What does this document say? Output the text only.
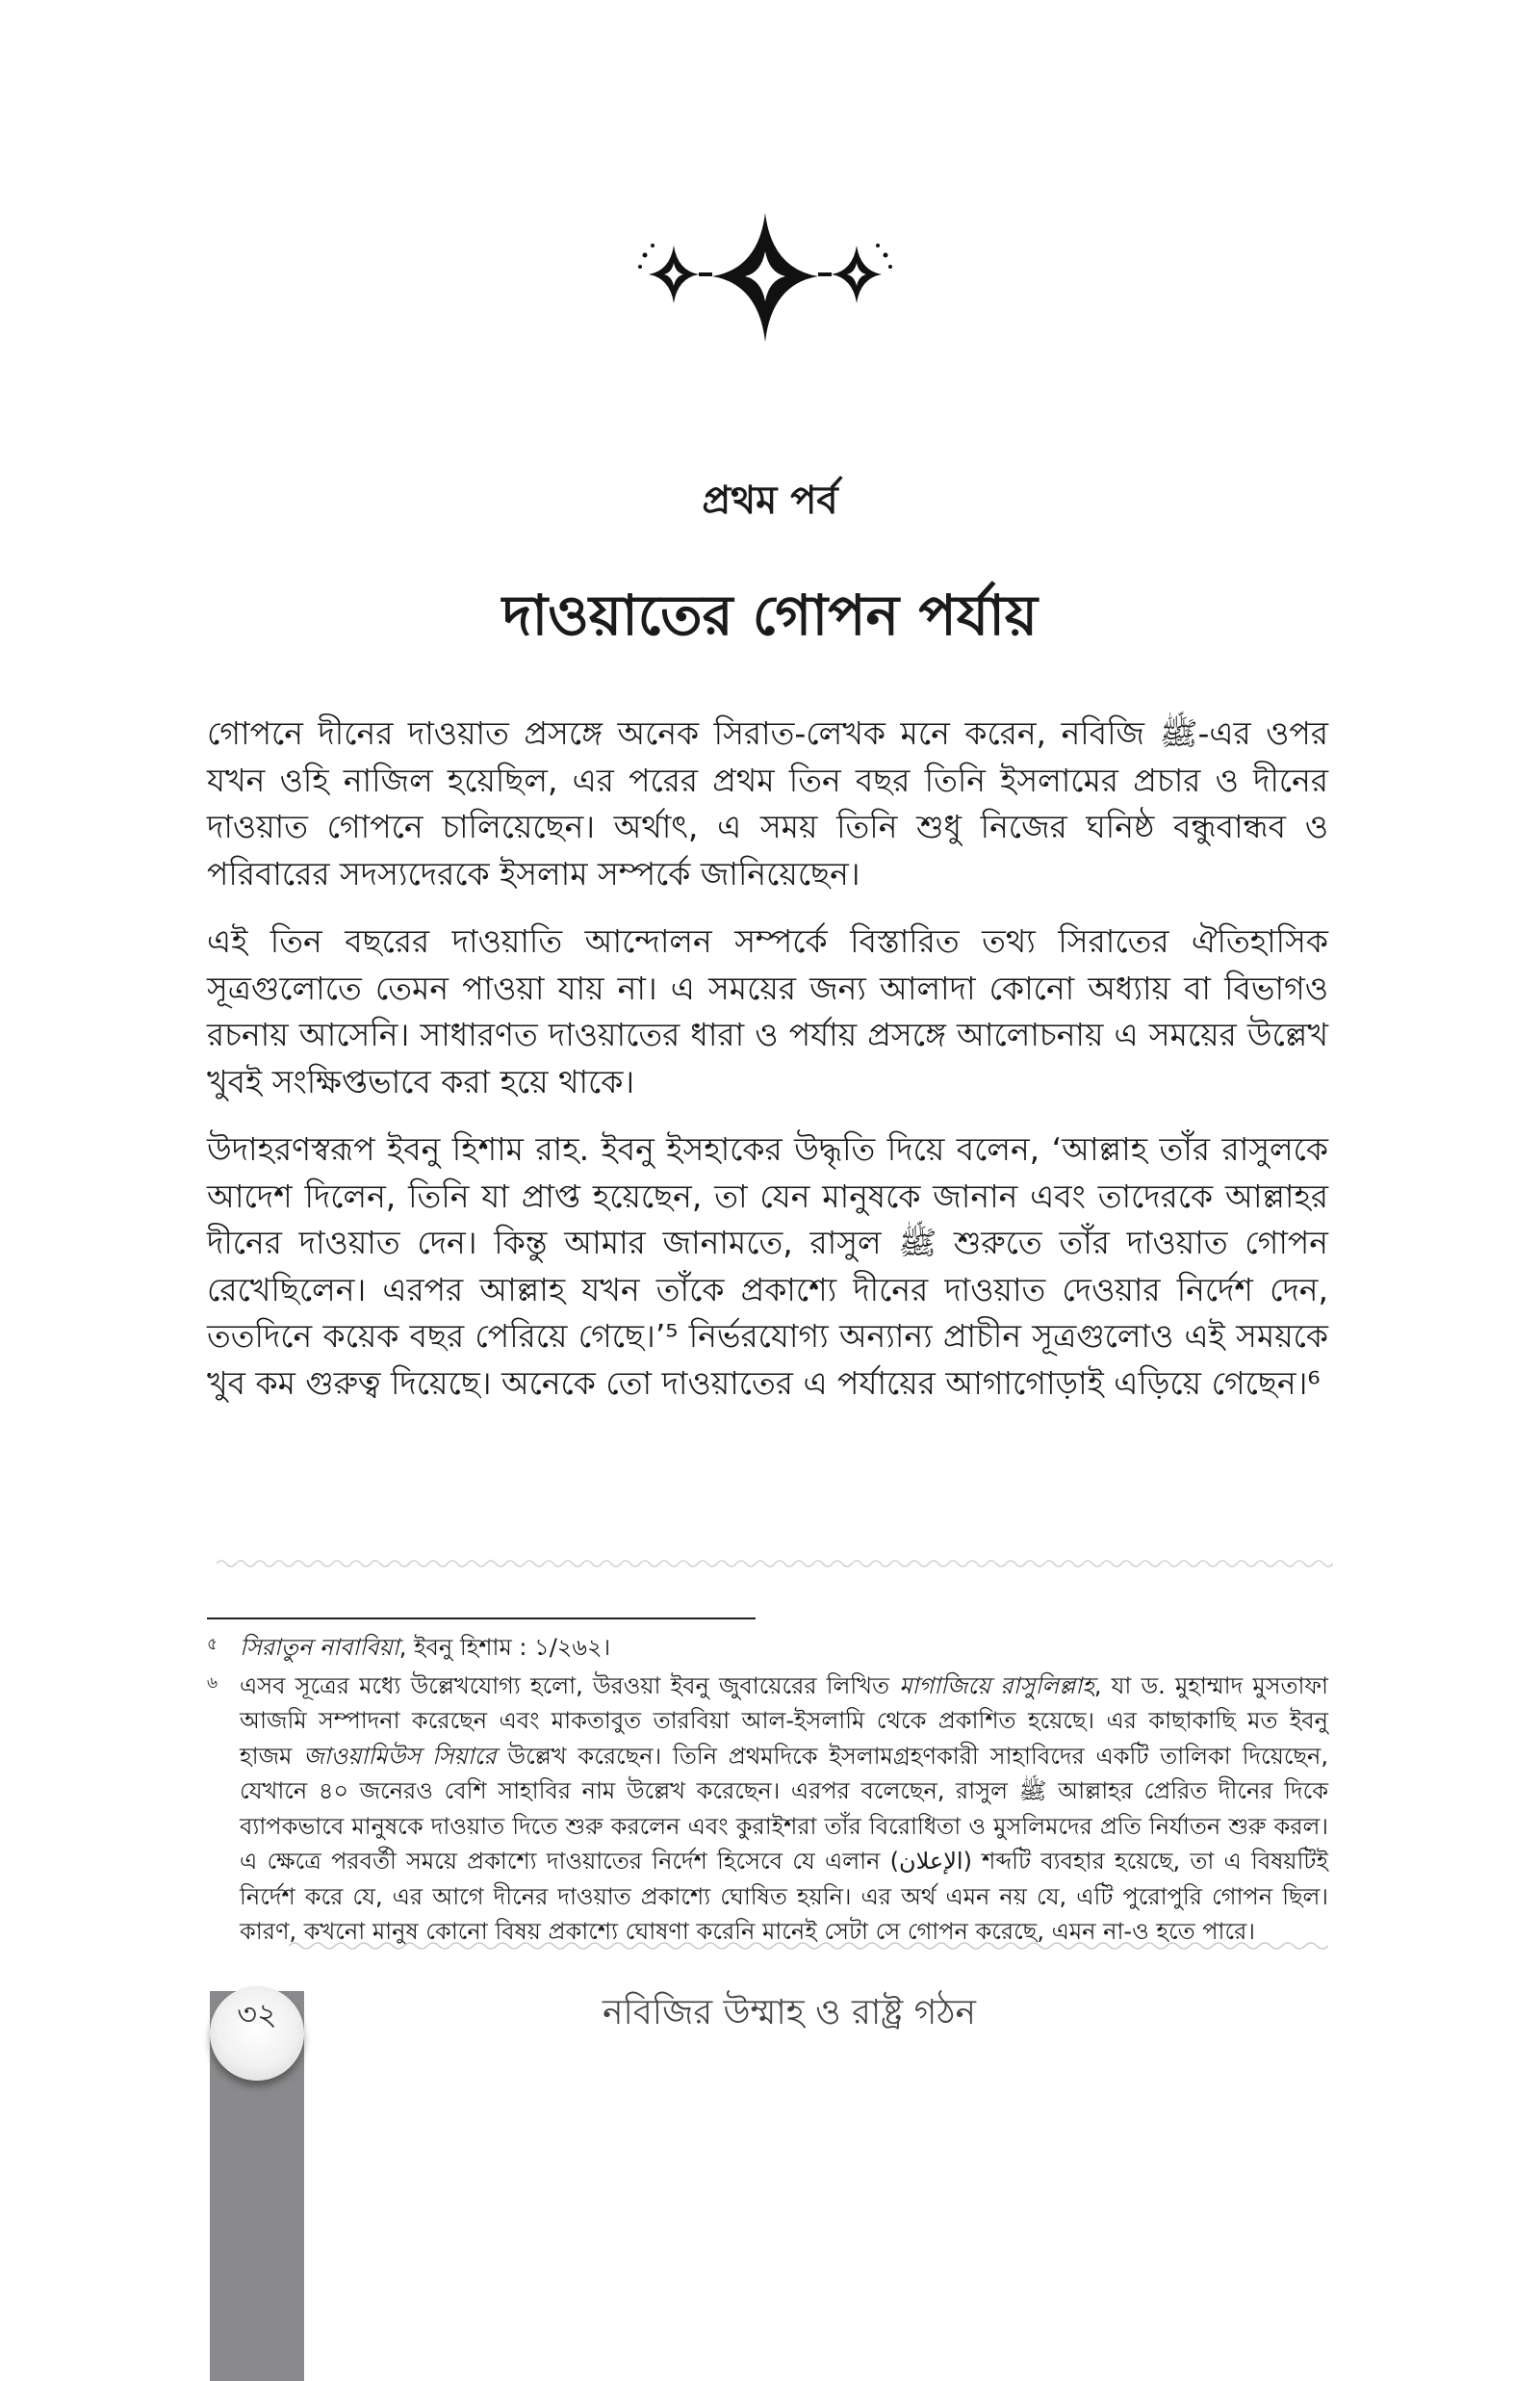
প্রথম পর্ব
দাওয়াতের গোপন পর্যায়

গোপনে দীনের দাওয়াত প্রসঙ্গে অনেক সিরাত-লেখক মনে করেন, নবিজি ﷺ-এর ওপর যখন ওহি নাজিল হয়েছিল, এর পরের প্রথম তিন বছর তিনি ইসলামের প্রচার ও দীনের দাওয়াত গোপনে চালিয়েছেন। অর্থাৎ, এ সময় তিনি শুধু নিজের ঘনিষ্ঠ বন্ধুবান্ধব ও পরিবারের সদস্যদেরকে ইসলাম সম্পর্কে জানিয়েছেন।

এই তিন বছরের দাওয়াতি আন্দোলন সম্পর্কে বিস্তারিত তথ্য সিরাতের ঐতিহাসিক সূত্রগুলোতে তেমন পাওয়া যায় না। এ সময়ের জন্য আলাদা কোনো অধ্যায় বা বিভাগও রচনায় আসেনি। সাধারণত দাওয়াতের ধারা ও পর্যায় প্রসঙ্গে আলোচনায় এ সময়ের উল্লেখ খুবই সংক্ষিপ্তভাবে করা হয়ে থাকে।

উদাহরণস্বরূপ ইবনু হিশাম রাহ. ইবনু ইসহাকের উদ্ধৃতি দিয়ে বলেন, ‘আল্লাহ তাঁর রাসুলকে আদেশ দিলেন, তিনি যা প্রাপ্ত হয়েছেন, তা যেন মানুষকে জানান এবং তাদেরকে আল্লাহর দীনের দাওয়াত দেন। কিন্তু আমার জানামতে, রাসুল ﷺ শুরুতে তাঁর দাওয়াত গোপন রেখেছিলেন। এরপর আল্লাহ যখন তাঁকে প্রকাশ্যে দীনের দাওয়াত দেওয়ার নির্দেশ দেন, ততদিনে কয়েক বছর পেরিয়ে গেছে।’⁵ নির্ভরযোগ্য অন্যান্য প্রাচীন সূত্রগুলোও এই সময়কে খুব কম গুরুত্ব দিয়েছে। অনেকে তো দাওয়াতের এ পর্যায়ের আগাগোড়াই এড়িয়ে গেছেন।⁶

৫ সিরাতুন নাবাবিয়া, ইবনু হিশাম : ১/২৬২।
৬ এসব সূত্রের মধ্যে উল্লেখযোগ্য হলো, উরওয়া ইবনু জুবায়েরের লিখিত মাগাজিয়ে রাসুলিল্লাহ, যা ড. মুহাম্মাদ মুসতাফা আজমি সম্পাদনা করেছেন এবং মাকতাবুত তারবিয়া আল-ইসলামি থেকে প্রকাশিত হয়েছে। এর কাছাকাছি মত ইবনু হাজম জাওয়ামিউস সিয়ারে উল্লেখ করেছেন। তিনি প্রথমদিকে ইসলামগ্রহণকারী সাহাবিদের একটি তালিকা দিয়েছেন, যেখানে ৪০ জনেরও বেশি সাহাবির নাম উল্লেখ করেছেন। এরপর বলেছেন, রাসুল ﷺ আল্লাহর প্রেরিত দীনের দিকে ব্যাপকভাবে মানুষকে দাওয়াত দিতে শুরু করলেন এবং কুরাইশরা তাঁর বিরোধিতা ও মুসলিমদের প্রতি নির্যাতন শুরু করল। এ ক্ষেত্রে পরবর্তী সময়ে প্রকাশ্যে দাওয়াতের নির্দেশ হিসেবে যে এলান (الإعلان) শব্দটি ব্যবহার হয়েছে, তা এ বিষয়টিই নির্দেশ করে যে, এর আগে দীনের দাওয়াত প্রকাশ্যে ঘোষিত হয়নি। এর অর্থ এমন নয় যে, এটি পুরোপুরি গোপন ছিল। কারণ, কখনো মানুষ কোনো বিষয় প্রকাশ্যে ঘোষণা করেনি মানেই সেটা সে গোপন করেছে, এমন না-ও হতে পারে।
৩২	নবিজির উম্মাহ ও রাষ্ট্র গঠন
